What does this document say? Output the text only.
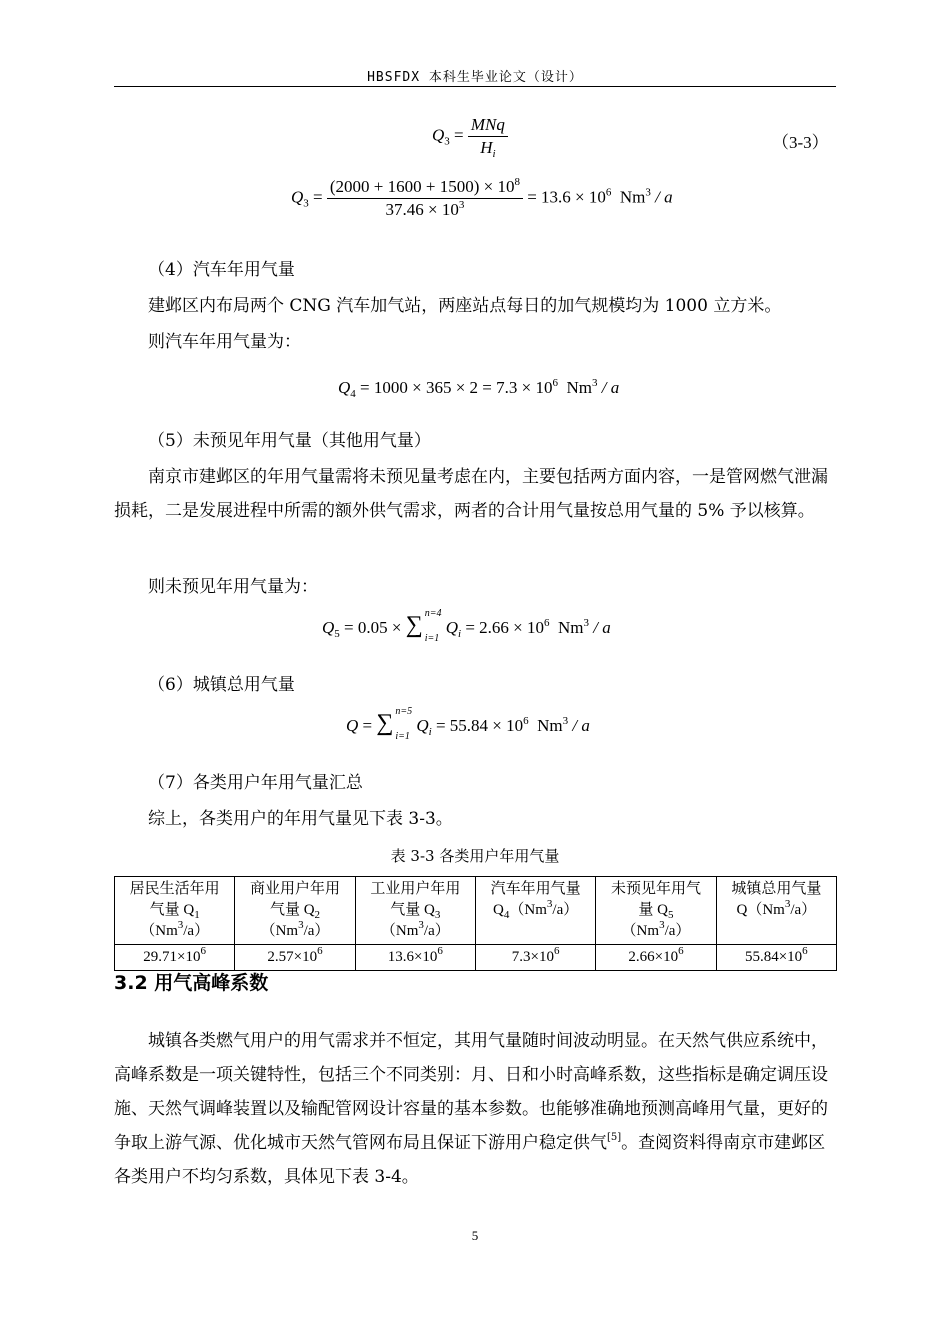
HBSFDX 本科生毕业论文（设计）
$Q_3 = \frac{\text{MNq}}{H_i}$	（3-3）
$Q_3 = \frac{(2000 + 1600 + 1500) \times 10^8}{37.46 \times 10^3} = 13.6 \times 10^6$ Nm$^3$ / a
（4）汽车年用气量
建邺区内布局两个 CNG 汽车加气站，两座站点每日的加气规模均为 1000 立方米。
则汽车年用气量为：
$Q_4 = 1000 \times 365 \times 2 = 7.3 \times 10^6$ Nm$^3$ / a
（5）未预见年用气量（其他用气量）
南京市建邺区的年用气量需将未预见量考虑在内，主要包括两方面内容，一是管网燃气泄漏损耗，二是发展进程中所需的额外供气需求，两者的合计用气量按总用气量的 5% 予以核算。
则未预见年用气量为：
$Q_5 = 0.05$ × ∑ n=4
i=1
$Q_i = 2.66 \times 10^6$ Nm$^3$ / a
（6）城镇总用气量
Q = ∑ n=5
i=1
$Q_i = 55.84 \times 10^6$ Nm$^3$ / a
（7）各类用户年用气量汇总
综上，各类用户的年用气量见下表 3-3。
表 3-3 各类用户年用气量
居民生活年用
气量 $Q_1$
（Nm$^3$/a）	商业用户年用
气量 $Q_2$
（Nm$^3$/a）	工业用户年用
气量 $Q_3$
（Nm$^3$/a）	汽车年用气量
$Q_4(Nm^3/a)$	未预见年用气
量 $Q_5$
（Nm$^3$/a）	城镇总用气量
Q（Nm$^3$/a）
$29.71\times 10^6$	$2.57\times 10^6$	$13.6\times 10^6$	$7.3\times 10^6$	$2.66\times 10^6$	$55.84\times 10^6$
3.2 用气高峰系数
城镇各类燃气用户的用气需求并不恒定，其用气量随时间波动明显。在天然气供应系统中，高峰系数是一项关键特性，包括三个不同类别：月、日和小时高峰系数，这些指标是确定调压设施、天然气调峰装置以及输配管网设计容量的基本参数。也能够准确地预测高峰用气量，更好的争取上游气源、优化城市天然气管网布局且保证下游用户稳定供气[5]。查阅资料得南京市建邺区各类用户不均匀系数，具体见下表 3-4。
5
